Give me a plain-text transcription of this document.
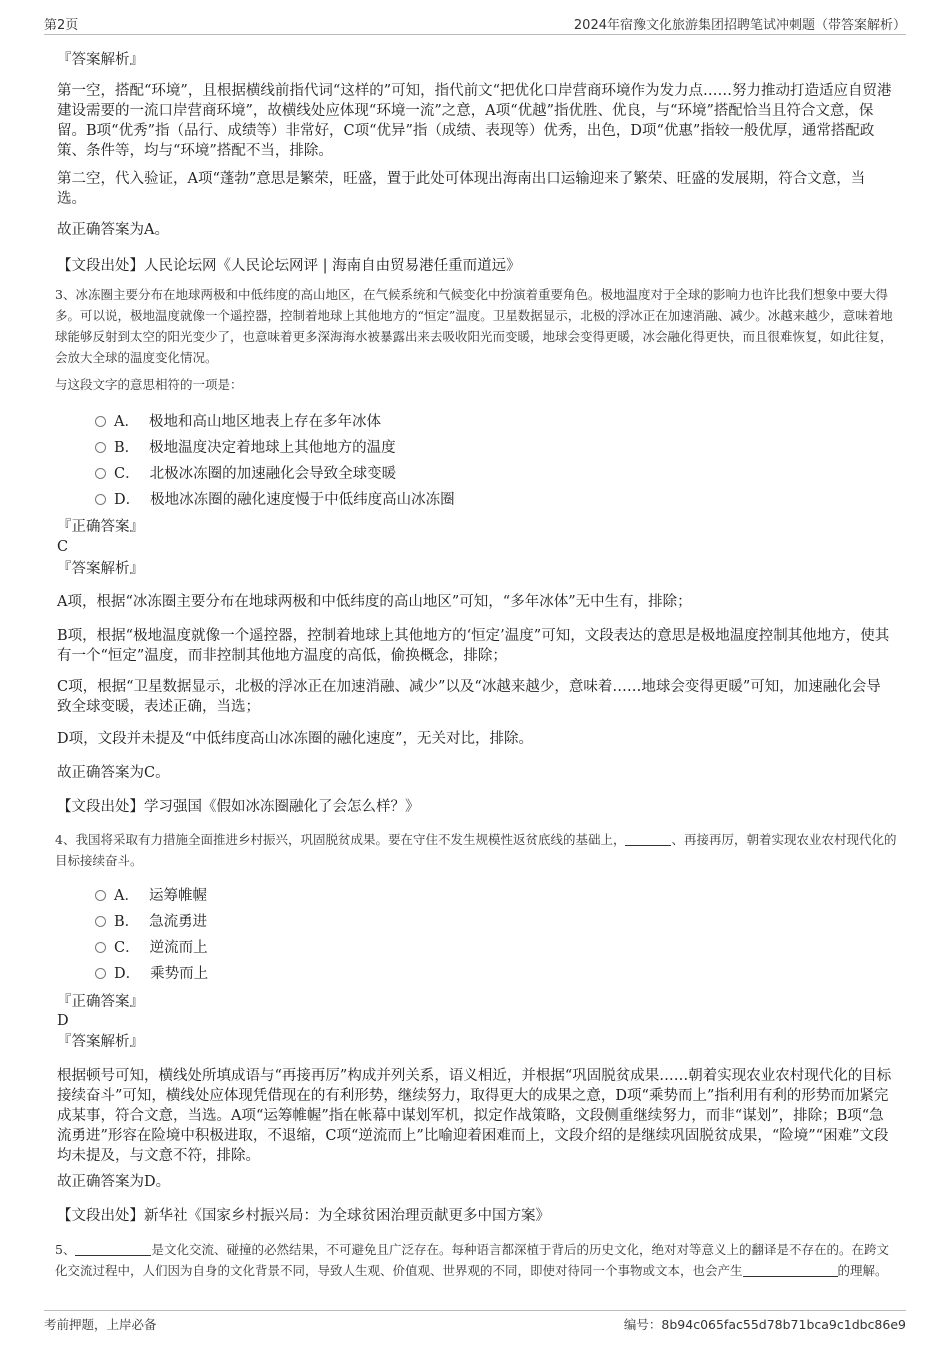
第2页	2024年宿豫文化旅游集团招聘笔试冲刺题（带答案解析）
『答案解析』
第一空，搭配“环境”，且根据横线前指代词“这样的”可知，指代前文“把优化口岸营商环境作为发力点……努力推动打造适应自贸港建设需要的一流口岸营商环境”，故横线处应体现“环境一流”之意，A项“优越”指优胜、优良，与“环境”搭配恰当且符合文意，保留。B项“优秀”指（品行、成绩等）非常好，C项“优异”指（成绩、表现等）优秀，出色，D项“优惠”指较一般优厚，通常搭配政策、条件等，均与“环境”搭配不当，排除。
第二空，代入验证，A项“蓬勃”意思是繁荣，旺盛，置于此处可体现出海南出口运输迎来了繁荣、旺盛的发展期，符合文意，当选。
故正确答案为A。
【文段出处】人民论坛网《人民论坛网评 | 海南自由贸易港任重而道远》
3、冰冻圈主要分布在地球两极和中低纬度的高山地区，在气候系统和气候变化中扮演着重要角色。极地温度对于全球的影响力也许比我们想象中要大得多。可以说，极地温度就像一个遥控器，控制着地球上其他地方的“恒定”温度。卫星数据显示，北极的浮冰正在加速消融、减少。冰越来越少，意味着地球能够反射到太空的阳光变少了，也意味着更多深海海水被暴露出来去吸收阳光而变暖，地球会变得更暖，冰会融化得更快，而且很难恢复，如此往复，会放大全球的温度变化情况。
与这段文字的意思相符的一项是：
A． 极地和高山地区地表上存在多年冰体
B． 极地温度决定着地球上其他地方的温度
C． 北极冰冻圈的加速融化会导致全球变暖
D． 极地冰冻圈的融化速度慢于中低纬度高山冰冻圈
『正确答案』
C
『答案解析』
A项，根据“冰冻圈主要分布在地球两极和中低纬度的高山地区”可知，“多年冰体”无中生有，排除；
B项，根据“极地温度就像一个遥控器，控制着地球上其他地方的‘恒定’温度”可知，文段表达的意思是极地温度控制其他地方，使其有一个“恒定”温度，而非控制其他地方温度的高低，偷换概念，排除；
C项，根据“卫星数据显示，北极的浮冰正在加速消融、减少”以及“冰越来越少，意味着……地球会变得更暖”可知，加速融化会导致全球变暖，表述正确，当选；
D项，文段并未提及“中低纬度高山冰冻圈的融化速度”，无关对比，排除。
故正确答案为C。
【文段出处】学习强国《假如冰冻圈融化了会怎么样？》
4、我国将采取有力措施全面推进乡村振兴，巩固脱贫成果。要在守住不发生规模性返贫底线的基础上，	、再接再厉，朝着实现农业农村现代化的目标接续奋斗。
A． 运筹帷幄
B． 急流勇进
C． 逆流而上
D． 乘势而上
『正确答案』
D
『答案解析』
根据顿号可知，横线处所填成语与“再接再厉”构成并列关系，语义相近，并根据“巩固脱贫成果……朝着实现农业农村现代化的目标接续奋斗”可知，横线处应体现凭借现在的有利形势，继续努力，取得更大的成果之意，D项“乘势而上”指利用有利的形势而加紧完成某事，符合文意，当选。A项“运筹帷幄”指在帐幕中谋划军机，拟定作战策略，文段侧重继续努力，而非“谋划”，排除；B项“急流勇进”形容在险境中积极进取，不退缩，C项“逆流而上”比喻迎着困难而上，文段介绍的是继续巩固脱贫成果，“险境”“困难”文段均未提及，与文意不符，排除。
故正确答案为D。
【文段出处】新华社《国家乡村振兴局：为全球贫困治理贡献更多中国方案》
5、	是文化交流、碰撞的必然结果，不可避免且广泛存在。每种语言都深植于背后的历史文化，绝对对等意义上的翻译是不存在的。在跨文化交流过程中，人们因为自身的文化背景不同，导致人生观、价值观、世界观的不同，即使对待同一个事物或文本，也会产生	的理解。
考前押题，上岸必备	编号：8b94c065fac55d78b71bca9c1dbc86e9
